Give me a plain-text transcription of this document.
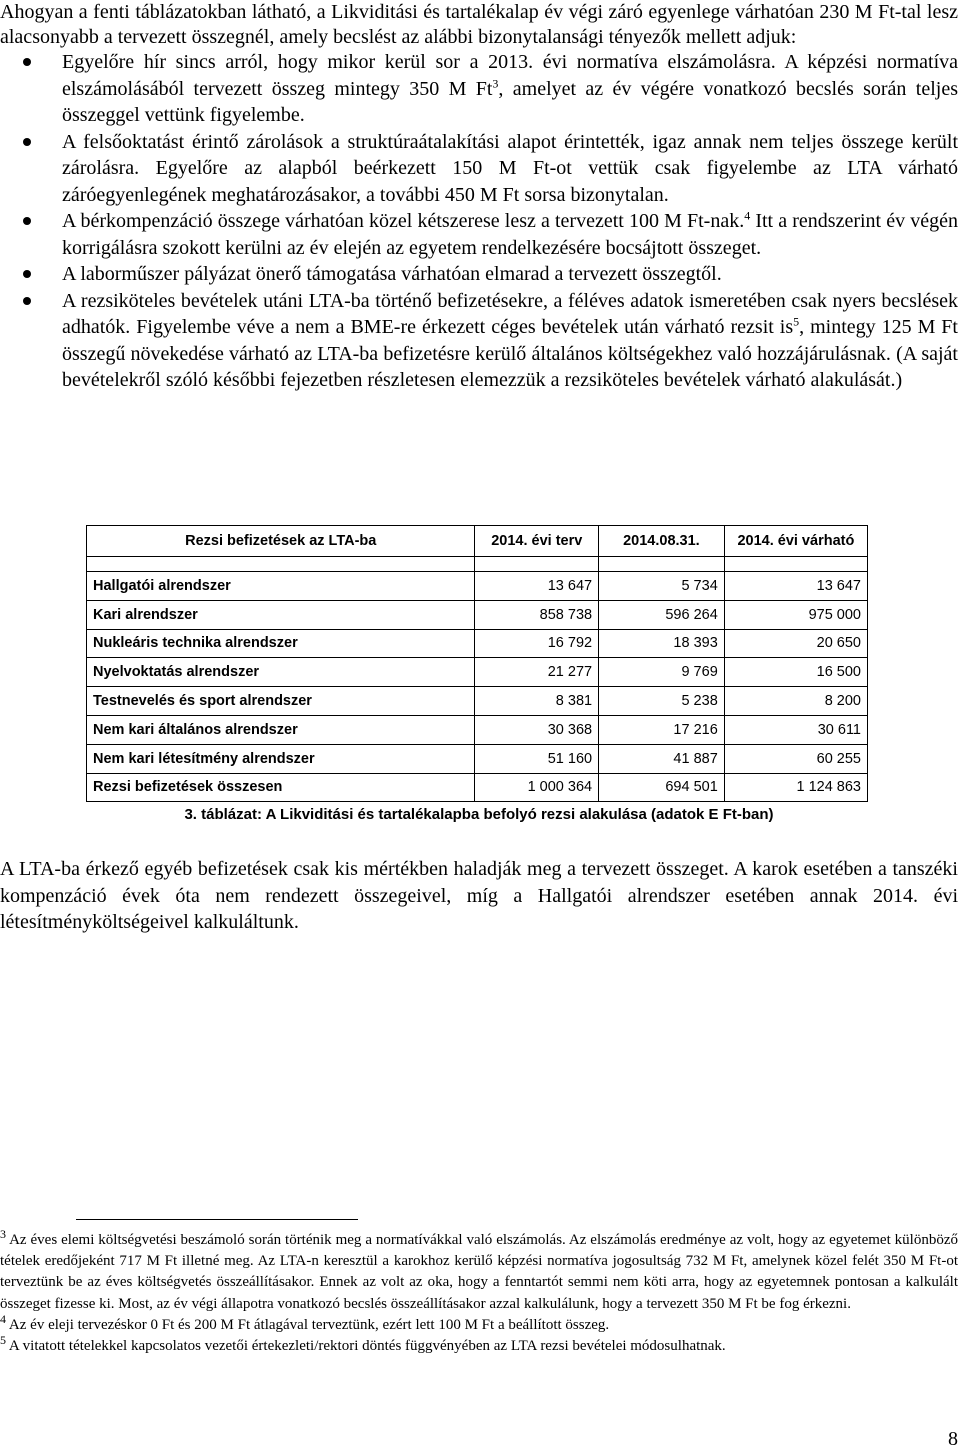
Ahogyan a fenti táblázatokban látható, a Likviditási és tartalékalap év végi záró egyenlege várhatóan 230 M Ft-tal lesz alacsonyabb a tervezett összegnél, amely becslést az alábbi bizonytalansági tényezők mellett adjuk:
Egyelőre hír sincs arról, hogy mikor kerül sor a 2013. évi normatíva elszámolásra. A képzési normatíva elszámolásából tervezett összeg mintegy 350 M Ft$^3$, amelyet az év végére vonatkozó becslés során teljes összeggel vettünk figyelembe.
A felsőoktatást érintő zárolások a struktúraátalakítási alapot érintették, igaz annak nem teljes összege került zárolásra. Egyelőre az alapból beérkezett 150 M Ft-ot vettük csak figyelembe az LTA várható záróegyenlegének meghatározásakor, a további 450 M Ft sorsa bizonytalan.
A bérkompenzáció összege várhatóan közel kétszerese lesz a tervezett 100 M Ft-nak.$^4$ Itt a rendszerint év végén korrigálásra szokott kerülni az év elején az egyetem rendelkezésére bocsájtott összeget.
A laborműszer pályázat önerő támogatása várhatóan elmarad a tervezett összegtől.
A rezsiköteles bevételek utáni LTA-ba történő befizetésekre, a féléves adatok ismeretében csak nyers becslések adhatók. Figyelembe véve a nem a BME-re érkezett céges bevételek után várható rezsit $is^5$, mintegy 125 M Ft összegű növekedése várható az LTA-ba befizetésre kerülő általános költségekhez való hozzájárulásnak. (A saját bevételekről szóló későbbi fejezetben részletesen elemezzük a rezsiköteles bevételek várható alakulását.)
Rezsi befizetések az LTA-ba	2014. évi terv	2014.08.31.	2014. évi várható

Hallgatói alrendszer	13 647	5 734	13 647
Kari alrendszer	858 738	596 264	975 000
Nukleáris technika alrendszer	16 792	18 393	20 650
Nyelvoktatás alrendszer	21 277	9 769	16 500
Testnevelés és sport alrendszer	8 381	5 238	8 200
Nem kari általános alrendszer	30 368	17 216	30 611
Nem kari létesítmény alrendszer	51 160	41 887	60 255
Rezsi befizetések összesen	1 000 364	694 501	1 124 863
3. táblázat: A Likviditási és tartalékalapba befolyó rezsi alakulása (adatok E Ft-ban)
A LTA-ba érkező egyéb befizetések csak kis mértékben haladják meg a tervezett összeget. A karok esetében a tanszéki kompenzáció évek óta nem rendezett összegeivel, míg a Hallgatói alrendszer esetében annak 2014. évi létesítményköltségeivel kalkuláltunk.

$^3$ Az éves elemi költségvetési beszámoló során történik meg a normatívákkal való elszámolás. Az elszámolás eredménye az volt, hogy az egyetemet különböző tételek eredőjeként 717 M Ft illetné meg. Az LTA-n keresztül a karokhoz kerülő képzési normatíva jogosultság 732 M Ft, amelynek közel felét 350 M Ft-ot terveztünk be az éves költségvetés összeállításakor. Ennek az volt az oka, hogy a fenntartót semmi nem köti arra, hogy az egyetemnek pontosan a kalkulált összeget fizesse ki. Most, az év végi állapotra vonatkozó becslés összeállításakor azzal kalkulálunk, hogy a tervezett 350 M Ft be fog érkezni.

$^4$ Az év eleji tervezéskor 0 Ft és 200 M Ft átlagával terveztünk, ezért lett 100 M Ft a beállított összeg.

$^5$ A vitatott tételekkel kapcsolatos vezetői értekezleti/rektori döntés függvényében az LTA rezsi bevételei módosulhatnak.

8
